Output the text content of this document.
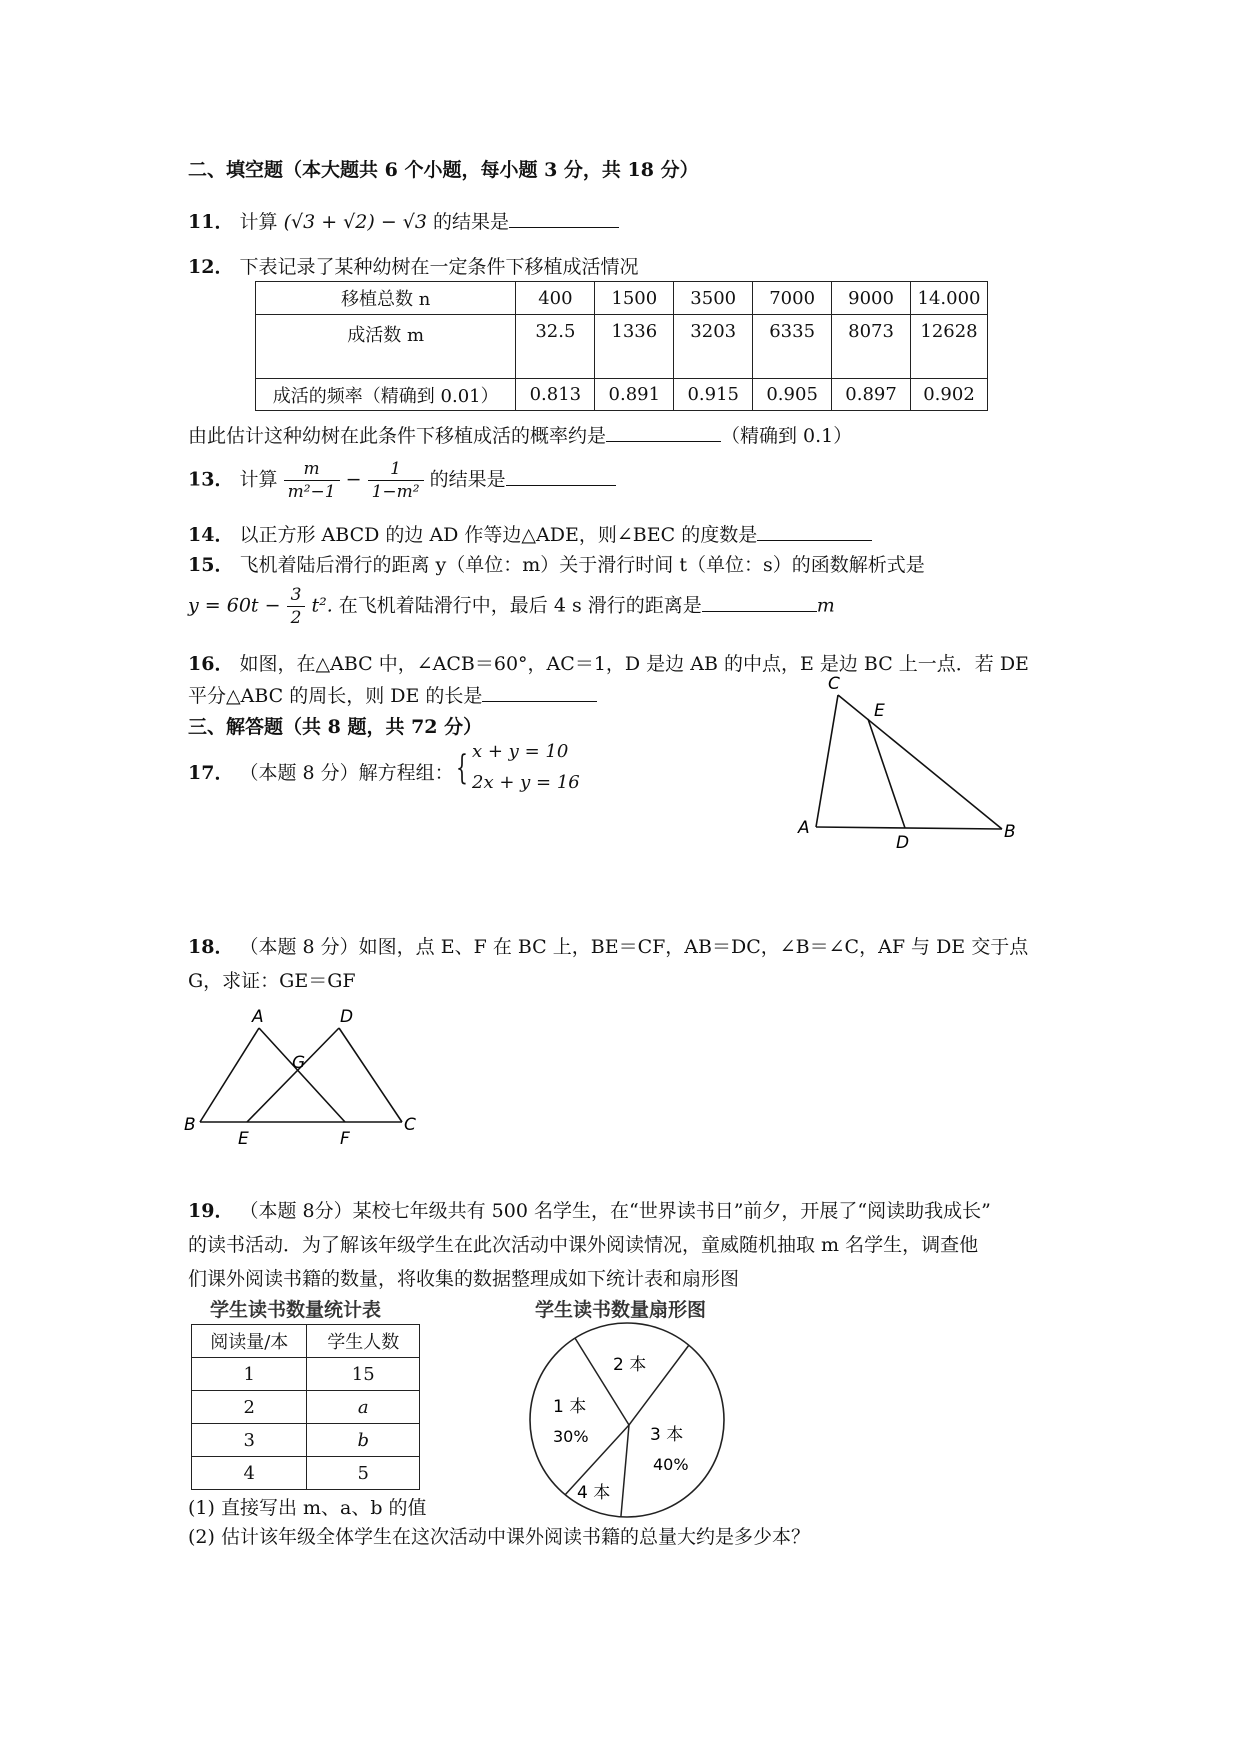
二、填空题（本大题共 6 个小题，每小题 3 分，共 18 分）
11． 计算 (√3 + √2) − √3 的结果是
12． 下表记录了某种幼树在一定条件下移植成活情况
移植总数 n	400	1500	3500	7000	9000	14.000
成活数 m	32.5	1336	3203	6335	8073	12628
成活的频率（精确到 0.01）	0.813	0.891	0.915	0.905	0.897	0.902
由此估计这种幼树在此条件下移植成活的概率约是	（精确到 0.1）
13． 计算 $\frac{m}{\text{m²−1}} - \frac{1}{\text{1−m²}}$ 的结果是
14． 以正方形 ABCD 的边 AD 作等边△ADE，则∠BEC 的度数是
15． 飞机着陆后滑行的距离 y（单位：m）关于滑行时间 t（单位：s）的函数解析式是
$y = 60t - \frac{3}{2} t^2$. 在飞机着陆滑行中，最后 4 s 滑行的距离是	m
16． 如图，在△ABC 中，∠ACB＝60°，AC＝1，D 是边 AB 的中点，E 是边 BC 上一点．若 DE
平分△ABC 的周长，则 DE 的长是
C
E
A
D
B
三、解答题（共 8 题，共 72 分）
17． （本题 8 分）解方程组： { x + y = 10
2x + y = 16
18． （本题 8 分）如图，点 E、F 在 BC 上，BE＝CF，AB＝DC，∠B＝∠C，AF 与 DE 交于点
G，求证：GE＝GF
A	D
G
B
E	F
C
19． （本题 8分）某校七年级共有 500 名学生，在“世界读书日”前夕，开展了“阅读助我成长”
的读书活动．为了解该年级学生在此次活动中课外阅读情况，童威随机抽取 m 名学生，调查他
们课外阅读书籍的数量，将收集的数据整理成如下统计表和扇形图
学生读书数量统计表	学生读书数量扇形图
阅读量/本	学生人数
1	15
2	a
3	b
4	5
1 本
30%
2 本
3 本
40%
4 本
(1) 直接写出 m、a、b 的值
(2) 估计该年级全体学生在这次活动中课外阅读书籍的总量大约是多少本？
